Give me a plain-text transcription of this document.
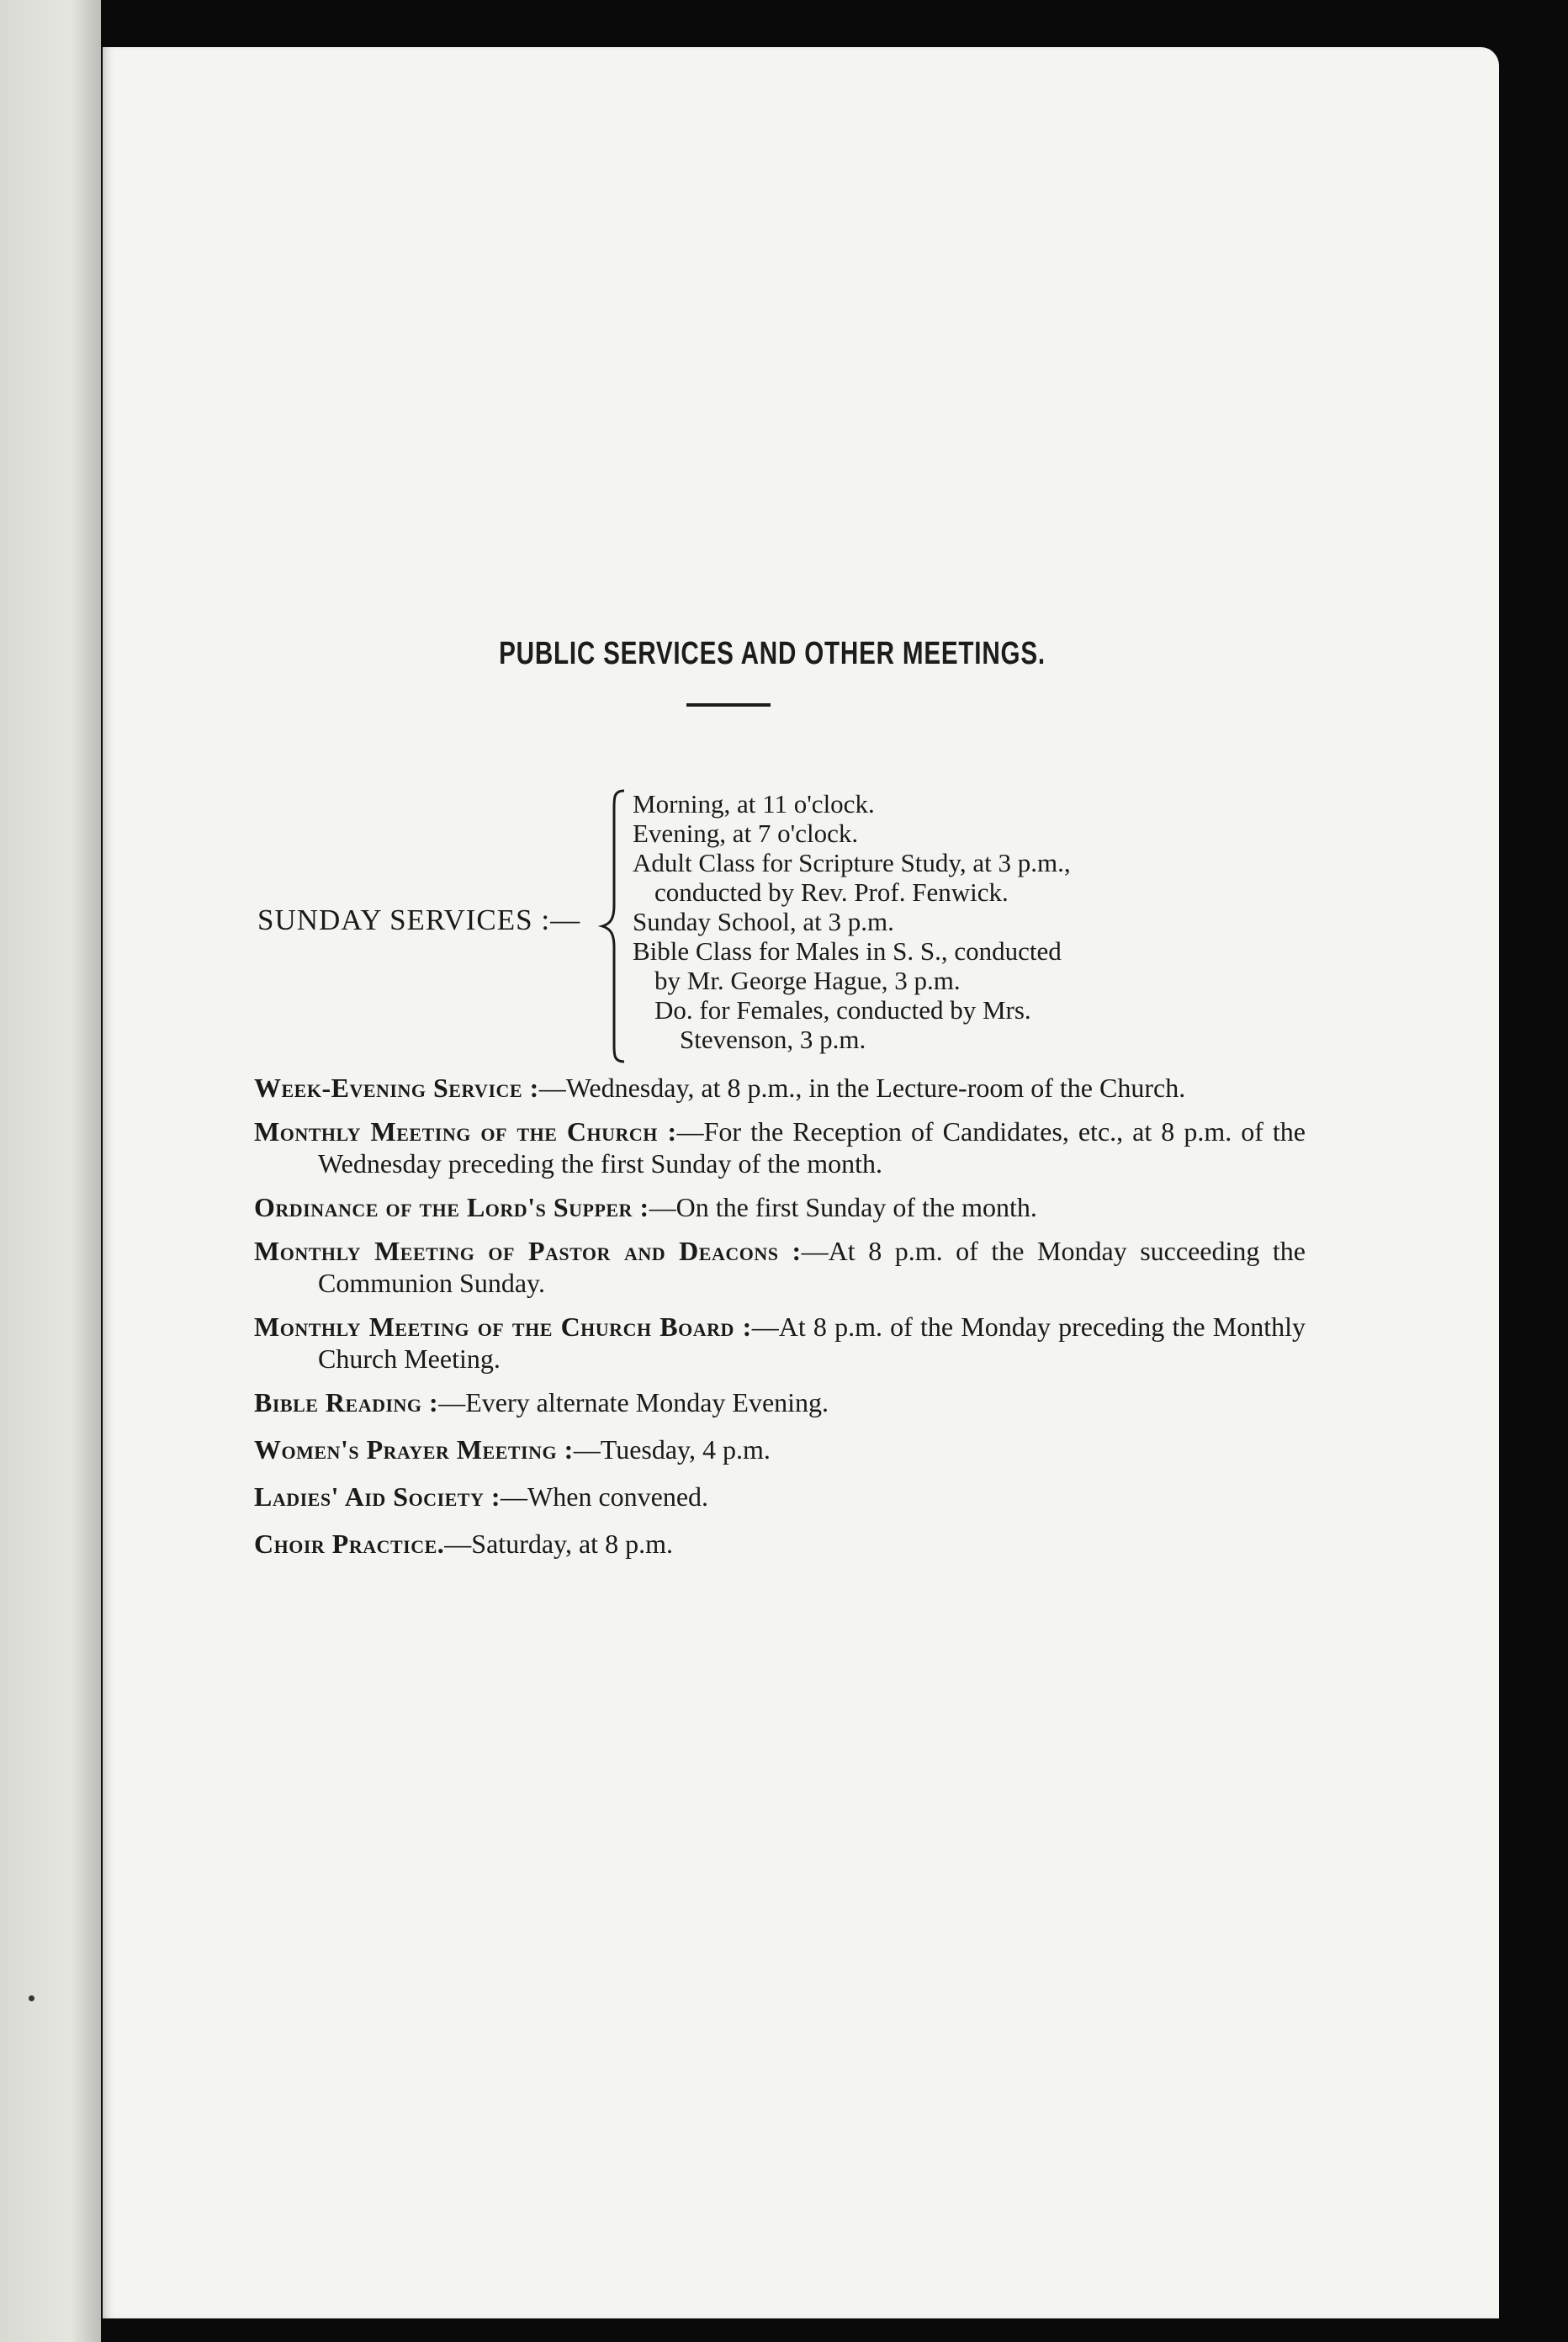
PUBLIC SERVICES AND OTHER MEETINGS.
SUNDAY SERVICES :—
Morning, at 11 o'clock.
Evening, at 7 o'clock.
Adult Class for Scripture Study, at 3 p.m.,
conducted by Rev. Prof. Fenwick.
Sunday School, at 3 p.m.
Bible Class for Males in S. S., conducted
by Mr. George Hague, 3 p.m.
Do. for Females, conducted by Mrs.
Stevenson, 3 p.m.

Week-Evening Service :—Wednesday, at 8 p.m., in the Lecture-room of the Church.

Monthly Meeting of the Church :—For the Reception of Candidates, etc., at 8 p.m. of the Wednesday preceding the first Sunday of the month.

Ordinance of the Lord's Supper :—On the first Sunday of the month.

Monthly Meeting of Pastor and Deacons :—At 8 p.m. of the Monday succeeding the Communion Sunday.

Monthly Meeting of the Church Board :—At 8 p.m. of the Monday preceding the Monthly Church Meeting.

Bible Reading :—Every alternate Monday Evening.

Women's Prayer Meeting :—Tuesday, 4 p.m.

Ladies' Aid Society :—When convened.

Choir Practice.—Saturday, at 8 p.m.
